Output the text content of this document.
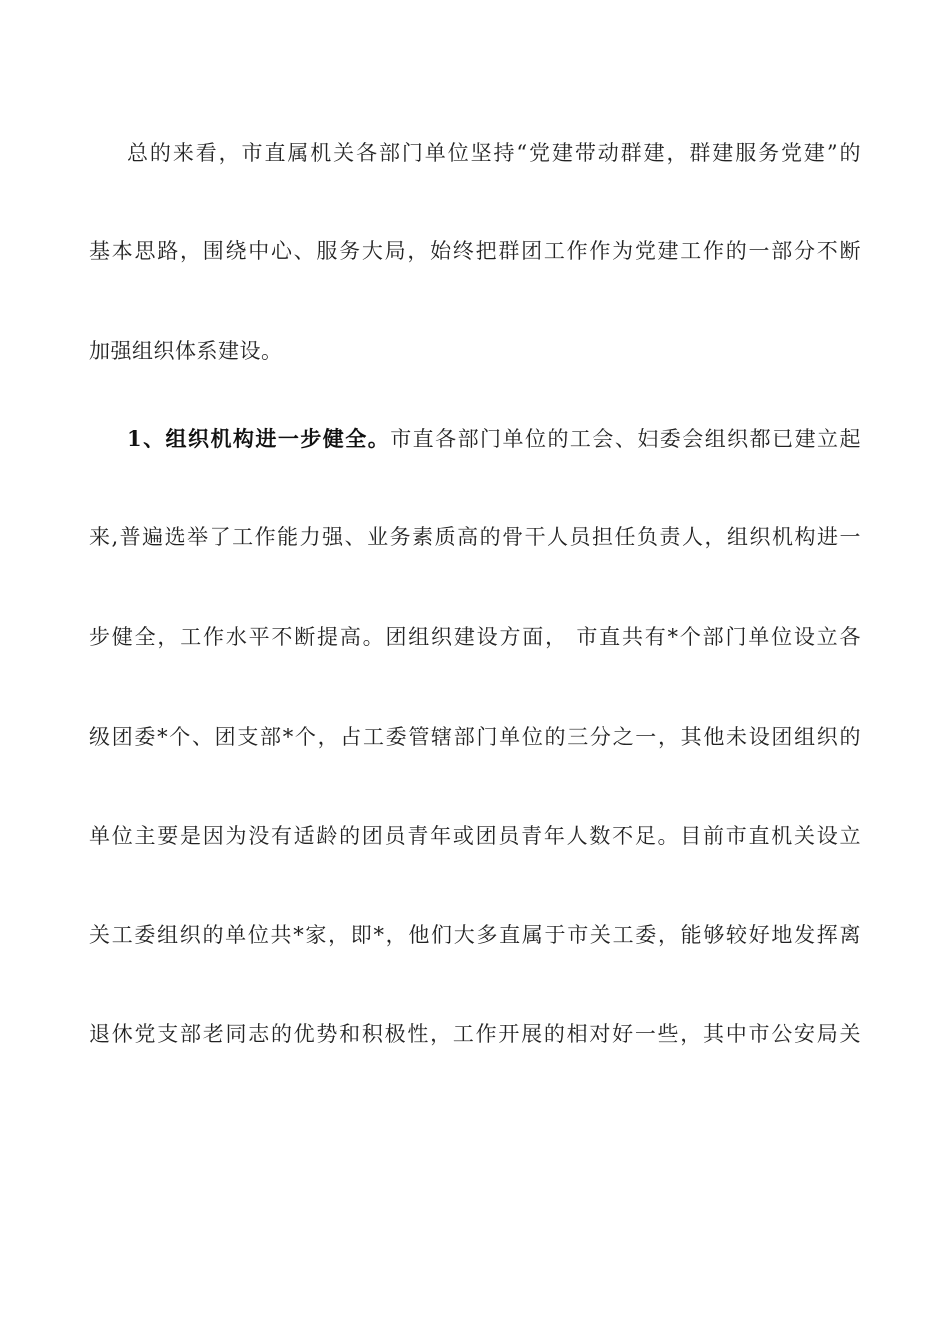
总的来看，市直属机关各部门单位坚持“党建带动群建，群建服务党建”的
基本思路，围绕中心、服务大局，始终把群团工作作为党建工作的一部分不断
加强组织体系建设。
1、组织机构进一步健全。市直各部门单位的工会、妇委会组织都已建立起
来,普遍选举了工作能力强、业务素质高的骨干人员担任负责人，组织机构进一
步健全，工作水平不断提高。团组织建设方面， 市直共有*个部门单位设立各
级团委*个、团支部*个，占工委管辖部门单位的三分之一，其他未设团组织的
单位主要是因为没有适龄的团员青年或团员青年人数不足。目前市直机关设立
关工委组织的单位共*家，即*，他们大多直属于市关工委，能够较好地发挥离
退休党支部老同志的优势和积极性，工作开展的相对好一些，其中市公安局关
